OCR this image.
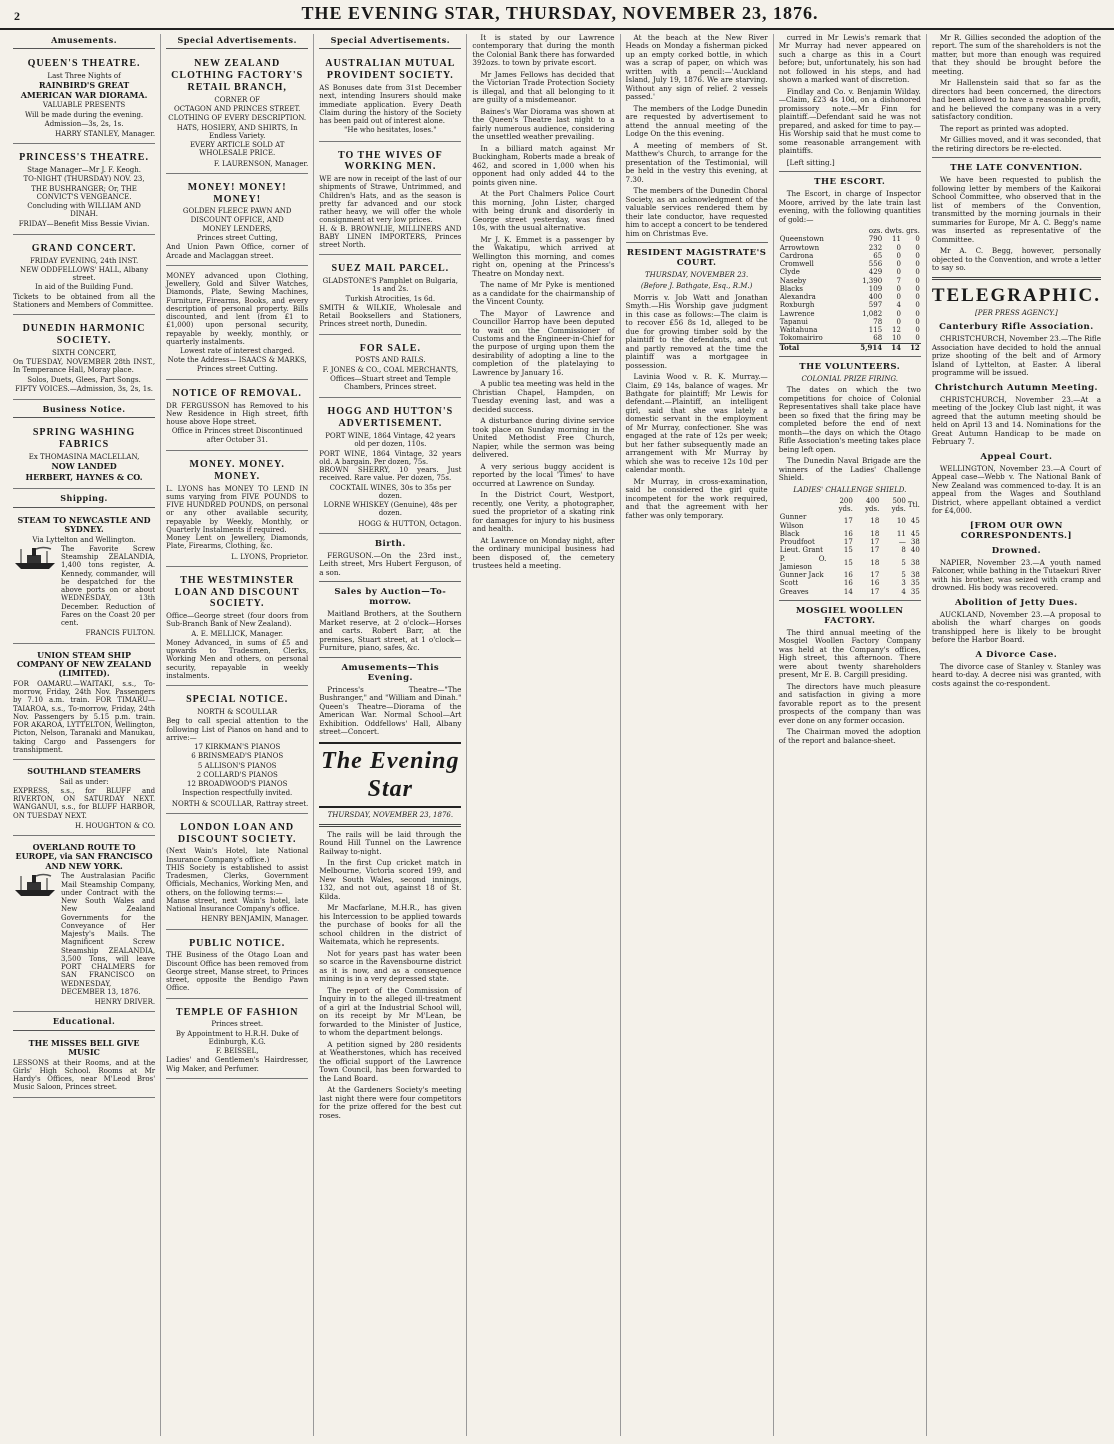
2	THE EVENING STAR, THURSDAY, NOVEMBER 23, 1876.
Amusements.
QUEEN'S THEATRE.
Last Three Nights of
RAINBIRD'S GREAT AMERICAN WAR DIORAMA.
VALUABLE PRESENTS
Will be made during the evening.
Admission—3s, 2s, 1s.
HARRY STANLEY, Manager.
PRINCESS'S THEATRE.
Stage Manager—Mr J. F. Keogh.
TO-NIGHT (THURSDAY) NOV. 23,
THE BUSHRANGER; Or, THE CONVICT'S VENGEANCE.
Concluding with WILLIAM AND DINAH.
FRIDAY—Benefit Miss Bessie Vivian.
GRAND CONCERT.
FRIDAY EVENING, 24th INST.
NEW ODDFELLOWS' HALL, Albany street.
In aid of the Building Fund.
Tickets to be obtained from all the Stationers and Members of Committee.
DUNEDIN HARMONIC SOCIETY.
SIXTH CONCERT,
On TUESDAY, NOVEMBER 28th INST., In Temperance Hall, Moray place.
Solos, Duets, Glees, Part Songs.
FIFTY VOICES.—Admission, 3s, 2s, 1s.
Business Notice.
SPRING WASHING FABRICS
Ex THOMASINA MACLELLAN,
NOW LANDED
HERBERT, HAYNES & CO.
Shipping.
STEAM TO NEWCASTLE AND SYDNEY.
Via Lyttelton and Wellington.
The Favorite Screw Steamship ZEALANDIA, 1,400 tons register, A. Kennedy, commander, will be despatched for the above ports on or about WEDNESDAY, 13th December. Reduction of Fares on the Coast 20 per cent.
FRANCIS FULTON.
UNION STEAM SHIP COMPANY OF NEW ZEALAND (LIMITED).
FOR OAMARU.—WAITAKI, s.s., To-morrow, Friday, 24th Nov. Passengers by 7.10 a.m. train. FOR TIMARU—TAIAROA, s.s., To-morrow, Friday, 24th Nov. Passengers by 5.15 p.m. train. FOR AKAROA, LYTTELTON, Wellington, Picton, Nelson, Taranaki and Manukau, taking Cargo and Passengers for transhipment.
SOUTHLAND STEAMERS
Sail as under:
EXPRESS, s.s., for BLUFF and RIVERTON, ON SATURDAY NEXT. WANGANUI, s.s., for BLUFF HARBOR, ON TUESDAY NEXT.
H. HOUGHTON & CO.
OVERLAND ROUTE TO EUROPE, via SAN FRANCISCO AND NEW YORK.
The Australasian Pacific Mail Steamship Company, under Contract with the New South Wales and New Zealand Governments for the Conveyance of Her Majesty's Mails. The Magnificent Screw Steamship ZEALANDIA, 3,500 Tons, will leave PORT CHALMERS for SAN FRANCISCO on WEDNESDAY, DECEMBER 13, 1876.
HENRY DRIVER.
Educational.
THE MISSES BELL GIVE MUSIC
LESSONS at their Rooms, and at the Girls' High School. Rooms at Mr Hardy's Offices, near M'Leod Bros' Music Saloon, Princes street.
Special Advertisements.
NEW ZEALAND CLOTHING FACTORY'S RETAIL BRANCH,
CORNER OF
OCTAGON AND PRINCES STREET.
CLOTHING OF EVERY DESCRIPTION.
HATS, HOSIERY, AND SHIRTS, In Endless Variety.
EVERY ARTICLE SOLD AT WHOLESALE PRICE.
F. LAURENSON, Manager.
MONEY! MONEY! MONEY!
GOLDEN FLEECE PAWN AND DISCOUNT OFFICE, AND
MONEY LENDERS,
Princes street Cutting,
And Union Pawn Office, corner of Arcade and Maclaggan street.
MONEY advanced upon Clothing, Jewellery, Gold and Silver Watches, Diamonds, Plate, Sewing Machines, Furniture, Firearms, Books, and every description of personal property. Bills discounted, and lent (from £1 to £1,000) upon personal security, repayable by weekly, monthly, or quarterly instalments.
Lowest rate of interest charged.
Note the Address— ISAACS & MARKS, Princes street Cutting.
NOTICE OF REMOVAL.
DR FERGUSSON has Removed to his New Residence in High street, fifth house above Hope street.
Office in Princes street Discontinued after October 31.
MONEY. MONEY. MONEY.
L. LYONS has MONEY TO LEND IN sums varying from FIVE POUNDS to FIVE HUNDRED POUNDS, on personal or any other available security, repayable by Weekly, Monthly, or Quarterly Instalments if required.
Money Lent on Jewellery, Diamonds, Plate, Firearms, Clothing, &c.
L. LYONS, Proprietor.
THE WESTMINSTER LOAN AND DISCOUNT SOCIETY.
Office—George street (four doors from Sub-Branch Bank of New Zealand).
A. E. MELLICK, Manager.
Money Advanced, in sums of £5 and upwards to Tradesmen, Clerks, Working Men and others, on personal security, repayable in weekly instalments.
SPECIAL NOTICE.
NORTH & SCOULLAR
Beg to call special attention to the following List of Pianos on hand and to arrive:—
17 KIRKMAN'S PIANOS
6 BRINSMEAD'S PIANOS
5 ALLISON'S PIANOS
2 COLLARD'S PIANOS
12 BROADWOOD'S PIANOS
Inspection respectfully invited.
NORTH & SCOULLAR, Rattray street.
LONDON LOAN AND DISCOUNT SOCIETY.
(Next Wain's Hotel, late National Insurance Company's office.)
THIS Society is established to assist Tradesmen, Clerks, Government Officials, Mechanics, Working Men, and others, on the following terms:—
Manse street, next Wain's hotel, late National Insurance Company's office.
HENRY BENJAMIN, Manager.
PUBLIC NOTICE.
THE Business of the Otago Loan and Discount Office has been removed from George street, Manse street, to Princes street, opposite the Bendigo Pawn Office.
TEMPLE OF FASHION
Princes street.
By Appointment to H.R.H. Duke of Edinburgh, K.G.
F. BEISSEL,
Ladies' and Gentlemen's Hairdresser, Wig Maker, and Perfumer.
Special Advertisements.
AUSTRALIAN MUTUAL PROVIDENT SOCIETY.
AS Bonuses date from 31st December next, intending Insurers should make immediate application. Every Death Claim during the history of the Society has been paid out of interest alone.
"He who hesitates, loses."
TO THE WIVES OF WORKING MEN.
WE are now in receipt of the last of our shipments of Strawe, Untrimmed, and Children's Hats, and as the season is pretty far advanced and our stock rather heavy, we will offer the whole consignment at very low prices.
H. & B. BROWNLIE, MILLINERS AND BABY LINEN IMPORTERS, Princes street North.
SUEZ MAIL PARCEL.
GLADSTONE'S Pamphlet on Bulgaria, 1s and 2s.
Turkish Atrocities, 1s 6d.
SMITH & WILKIE, Wholesale and Retail Booksellers and Stationers, Princes street north, Dunedin.
FOR SALE.
POSTS AND RAILS.
F. JONES & CO., COAL MERCHANTS,
Offices—Stuart street and Temple Chambers, Princes street.
HOGG AND HUTTON'S ADVERTISEMENT.
PORT WINE, 1864 Vintage, 42 years old per dozen, 110s.
PORT WINE, 1864 Vintage, 32 years old. A bargain. Per dozen, 75s.
BROWN SHERRY, 10 years. Just received. Rare value. Per dozen, 75s.
COCKTAIL WINES, 30s to 35s per dozen.
LORNE WHISKEY (Genuine), 48s per dozen.
HOGG & HUTTON, Octagon.
Birth.
FERGUSON.—On the 23rd inst., Leith street, Mrs Hubert Ferguson, of a son.
Sales by Auction—To-morrow.
Maitland Brothers, at the Southern Market reserve, at 2 o'clock—Horses and carts. Robert Barr, at the premises, Stuart street, at 1 o'clock—Furniture, piano, safes, &c.
Amusements—This Evening.
Princess's Theatre—"The Bushranger," and "William and Dinah." Queen's Theatre—Diorama of the American War. Normal School—Art Exhibition. Oddfellows' Hall, Albany street—Concert.
The Evening Star
THURSDAY, NOVEMBER 23, 1876.
The rails will be laid through the Round Hill Tunnel on the Lawrence Railway to-night.
In the first Cup cricket match in Melbourne, Victoria scored 199, and New South Wales, second innings, 132, and not out, against 18 of St. Kilda.
Mr Macfarlane, M.H.R., has given his Intercession to be applied towards the purchase of books for all the school children in the district of Waitemata, which he represents.
Not for years past has water been so scarce in the Ravensbourne district as it is now, and as a consequence mining is in a very depressed state.
The report of the Commission of Inquiry in to the alleged ill-treatment of a girl at the Industrial School will, on its receipt by Mr M'Lean, be forwarded to the Minister of Justice, to whom the department belongs.
A petition signed by 280 residents at Weatherstones, which has received the official support of the Lawrence Town Council, has been forwarded to the Land Board.
At the Gardeners Society's meeting last night there were four competitors for the prize offered for the best cut roses.
It is stated by our Lawrence contemporary that during the month the Colonial Bank there has forwarded 392ozs. to town by private escort.
Mr James Fellows has decided that the Victorian Trade Protection Society is illegal, and that all belonging to it are guilty of a misdemeanor.
Baines's War Diorama was shown at the Queen's Theatre last night to a fairly numerous audience, considering the unsettled weather prevailing.
In a billiard match against Mr Buckingham, Roberts made a break of 462, and scored in 1,000 when his opponent had only added 44 to the points given nine.
At the Port Chalmers Police Court this morning, John Lister, charged with being drunk and disorderly in George street yesterday, was fined 10s, with the usual alternative.
Mr J. K. Emmet is a passenger by the Wakatipu, which arrived at Wellington this morning, and comes right on, opening at the Princess's Theatre on Monday next.
The name of Mr Pyke is mentioned as a candidate for the chairmanship of the Vincent County.
The Mayor of Lawrence and Councillor Harrop have been deputed to wait on the Commissioner of Customs and the Engineer-in-Chief for the purpose of urging upon them the desirability of adopting a line to the completion of the platelaying to Lawrence by January 16.
A public tea meeting was held in the Christian Chapel, Hampden, on Tuesday evening last, and was a decided success.
A disturbance during divine service took place on Sunday morning in the United Methodist Free Church, Napier, while the sermon was being delivered.
A very serious buggy accident is reported by the local 'Times' to have occurred at Lawrence on Sunday.
In the District Court, Westport, recently, one Verity, a photographer, sued the proprietor of a skating rink for damages for injury to his business and health.
At Lawrence on Monday night, after the ordinary municipal business had been disposed of, the cemetery trustees held a meeting.
At the beach at the New River Heads on Monday a fisherman picked up an empty corked bottle, in which was a scrap of paper, on which was written with a pencil:—'Auckland Island, July 19, 1876. We are starving. Without any sign of relief. 2 vessels passed.'
The members of the Lodge Dunedin are requested by advertisement to attend the annual meeting of the Lodge On the this evening.
A meeting of members of St. Matthew's Church, to arrange for the presentation of the Testimonial, will be held in the vestry this evening, at 7.30.
The members of the Dunedin Choral Society, as an acknowledgment of the valuable services rendered them by their late conductor, have requested him to accept a concert to be tendered him on Christmas Eve.
RESIDENT MAGISTRATE'S COURT.
THURSDAY, NOVEMBER 23.
(Before J. Bathgate, Esq., R.M.)
Morris v. Job Watt and Jonathan Smyth.—His Worship gave judgment in this case as follows:—The claim is to recover £56 8s 1d, alleged to be due for growing timber sold by the plaintiff to the defendants, and cut and partly removed at the time the plaintiff was a mortgagee in possession.
Lavinia Wood v. R. K. Murray.—Claim, £9 14s, balance of wages. Mr Bathgate for plaintiff; Mr Lewis for defendant.—Plaintiff, an intelligent girl, said that she was lately a domestic servant in the employment of Mr Murray, confectioner. She was engaged at the rate of 12s per week; but her father subsequently made an arrangement with Mr Murray by which she was to receive 12s 10d per calendar month.
Mr Murray, in cross-examination, said he considered the girl quite incompetent for the work required, and that the agreement with her father was only temporary.
curred in Mr Lewis's remark that Mr Murray had never appeared on such a charge as this in a Court before; but, unfortunately, his son had not followed in his steps, and had shown a marked want of discretion.
Findlay and Co. v. Benjamin Wilday.—Claim, £23 4s 10d, on a dishonored promissory note.—Mr Finn for plaintiff.—Defendant said he was not prepared, and asked for time to pay.—His Worship said that he must come to some reasonable arrangement with plaintiffs.
[Left sitting.]
THE ESCORT.
The Escort, in charge of Inspector Moore, arrived by the late train last evening, with the following quantities of gold:—
	ozs. dwts. grs.		
Queenstown	790	11	0
Arrowtown	232	0	0
Cardrona	65	0	0
Cromwell	556	0	0
Clyde	429	0	0
Naseby	1,390	7	0
Blacks	109	0	0
Alexandra	400	0	0
Roxburgh	597	4	0
Lawrence	1,082	0	0
Tapanui	78	0	0
Waitahuna	115	12	0
Tokomairiro	68	10	0
Total	5,914	14	12
THE VOLUNTEERS.
COLONIAL PRIZE FIRING.
The dates on which the two competitions for choice of Colonial Representatives shall take place have been so fixed that the firing may be completed before the end of next month—the days on which the Otago Rifle Association's meeting takes place being left open.
The Dunedin Naval Brigade are the winners of the Ladies' Challenge Shield.
LADIES' CHALLENGE SHIELD.
	200 yds.	400 yds.	500 yds.	Ttl.
Gunner Wilson	17	18	10	45
Black	16	18	11	45
Proudfoot	17	17	—	38
Lieut. Grant	15	17	8	40
P. O. Jamieson	15	18	5	38
Gunner Jack	16	17	5	38
Scott	16	16	3	35
Greaves	14	17	4	35
MOSGIEL WOOLLEN FACTORY.
The third annual meeting of the Mosgiel Woollen Factory Company was held at the Company's offices, High street, this afternoon. There were about twenty shareholders present, Mr E. B. Cargill presiding.
The directors have much pleasure and satisfaction in giving a more favorable report as to the present prospects of the company than was ever done on any former occasion.
The Chairman moved the adoption of the report and balance-sheet.
Mr R. Gillies seconded the adoption of the report. The sum of the shareholders is not the matter, but more than enough was required that they should be brought before the meeting.
Mr Hallenstein said that so far as the directors had been concerned, the directors had been allowed to have a reasonable profit, and he believed the company was in a very satisfactory condition.
The report as printed was adopted.
Mr Gillies moved, and it was seconded, that the retiring directors be re-elected.
THE LATE CONVENTION.
We have been requested to publish the following letter by members of the Kaikorai School Committee, who observed that in the list of members of the Convention, transmitted by the morning journals in their summaries for Europe, Mr A. C. Begg's name was inserted as representative of the Committee.
Mr A. C. Begg, however, personally objected to the Convention, and wrote a letter to say so.
TELEGRAPHIC.
[PER PRESS AGENCY.]
Canterbury Rifle Association.
CHRISTCHURCH, November 23.—The Rifle Association have decided to hold the annual prize shooting of the belt and of Armory Island of Lyttelton, at Easter. A liberal programme will be issued.
Christchurch Autumn Meeting.
CHRISTCHURCH, November 23.—At a meeting of the Jockey Club last night, it was agreed that the autumn meeting should be held on April 13 and 14. Nominations for the Great Autumn Handicap to be made on February 7.
Appeal Court.
WELLINGTON, November 23.—A Court of Appeal case—Webb v. The National Bank of New Zealand was commenced to-day. It is an appeal from the Wages and Southland District, where appellant obtained a verdict for £4,000.
[FROM OUR OWN CORRESPONDENTS.]
Drowned.
NAPIER, November 23.—A youth named Falconer, while bathing in the Tutaekuri River with his brother, was seized with cramp and drowned. His body was recovered.
Abolition of Jetty Dues.
AUCKLAND, November 23.—A proposal to abolish the wharf charges on goods transhipped here is likely to be brought before the Harbor Board.
A Divorce Case.
The divorce case of Stanley v. Stanley was heard to-day. A decree nisi was granted, with costs against the co-respondent.
